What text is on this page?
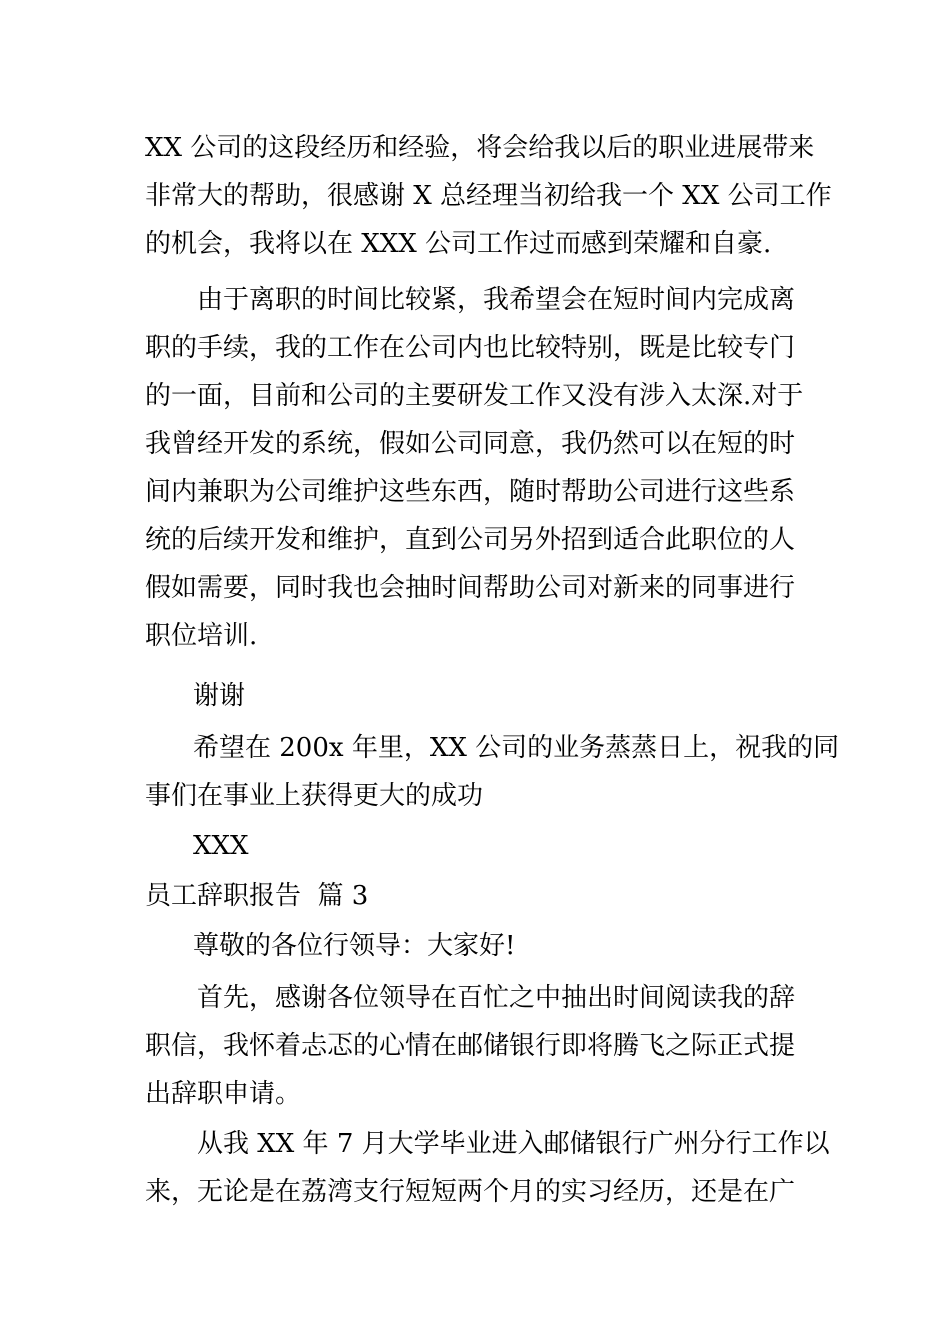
XX 公司的这段经历和经验，将会给我以后的职业进展带来
非常大的帮助，很感谢 X 总经理当初给我一个 XX 公司工作
的机会，我将以在 XXX 公司工作过而感到荣耀和自豪.
由于离职的时间比较紧，我希望会在短时间内完成离
职的手续，我的工作在公司内也比较特别，既是比较专门
的一面，目前和公司的主要研发工作又没有涉入太深.对于
我曾经开发的系统，假如公司同意，我仍然可以在短的时
间内兼职为公司维护这些东西，随时帮助公司进行这些系
统的后续开发和维护，直到公司另外招到适合此职位的人
假如需要，同时我也会抽时间帮助公司对新来的同事进行
职位培训.
谢谢
希望在 200x 年里，XX 公司的业务蒸蒸日上，祝我的同
事们在事业上获得更大的成功
XXX
员工辞职报告  篇 3
尊敬的各位行领导：大家好!
首先，感谢各位领导在百忙之中抽出时间阅读我的辞
职信，我怀着忐忑的心情在邮储银行即将腾飞之际正式提
出辞职申请。
从我 XX 年 7 月大学毕业进入邮储银行广州分行工作以
来，无论是在荔湾支行短短两个月的实习经历，还是在广
